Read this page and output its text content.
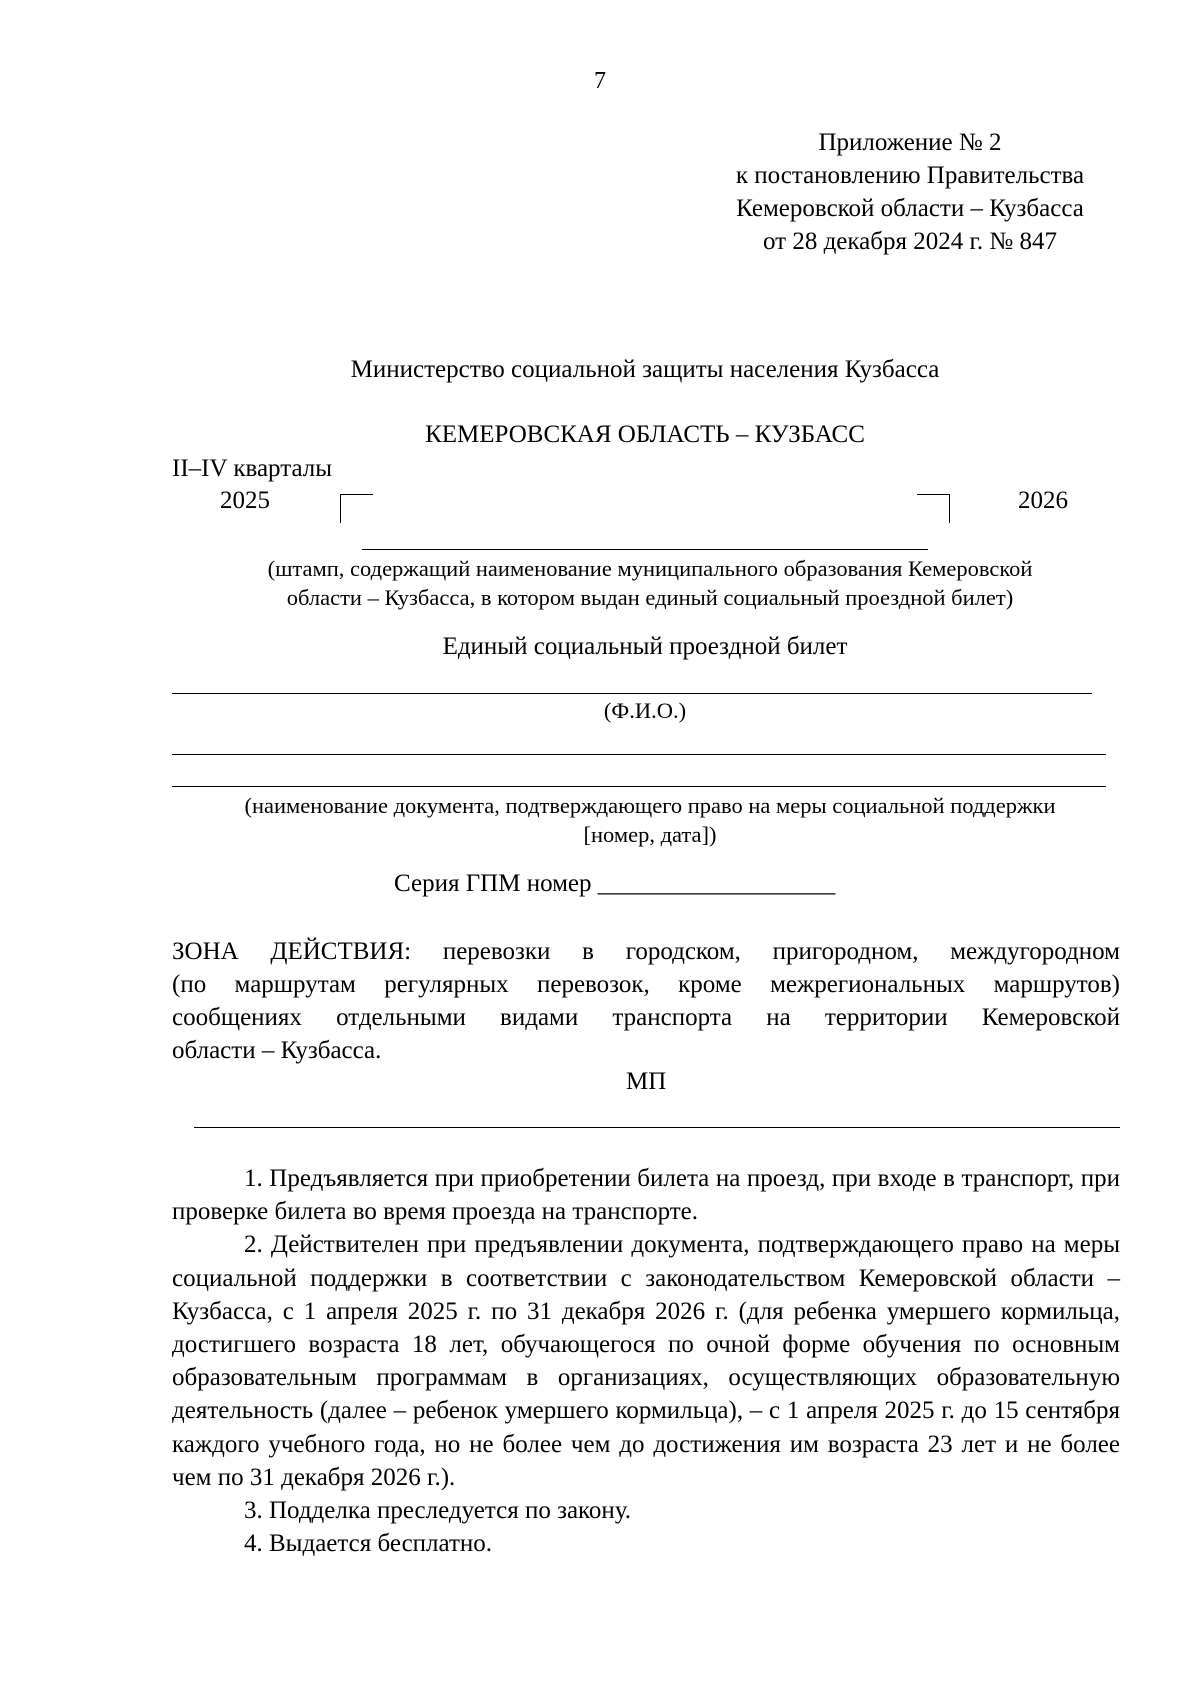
7
Приложение № 2
к постановлению Правительства
Кемеровской области – Кузбасса
от 28 декабря 2024 г. № 847
Министерство социальной защиты населения Кузбасса
КЕМЕРОВСКАЯ ОБЛАСТЬ – КУЗБАСС
II–IV кварталы
2025	2026
(штамп, содержащий наименование муниципального образования Кемеровской
области – Кузбасса, в котором выдан единый социальный проездной билет)
Единый социальный проездной билет
(Ф.И.О.)
(наименование документа, подтверждающего право на меры социальной поддержки
[номер, дата])
Серия ГПМ номер ___________________
ЗОНА ДЕЙСТВИЯ: перевозки в городском, пригородном, междугородном
(по маршрутам регулярных перевозок, кроме межрегиональных маршрутов)
сообщениях отдельными видами транспорта на территории Кемеровской
области – Кузбасса.
МП

1. Предъявляется при приобретении билета на проезд, при входе в транспорт, при проверке билета во время проезда на транспорте.

2. Действителен при предъявлении документа, подтверждающего право на меры социальной поддержки в соответствии с законодательством Кемеровской области – Кузбасса, с 1 апреля 2025 г. по 31 декабря 2026 г. (для ребенка умершего кормильца, достигшего возраста 18 лет, обучающегося по очной форме обучения по основным образовательным программам в организациях, осуществляющих образовательную деятельность (далее – ребенок умершего кормильца), – с 1 апреля 2025 г. до 15 сентября каждого учебного года, но не более чем до достижения им возраста 23 лет и не более чем по 31 декабря 2026 г.).

3. Подделка преследуется по закону.

4. Выдается бесплатно.
